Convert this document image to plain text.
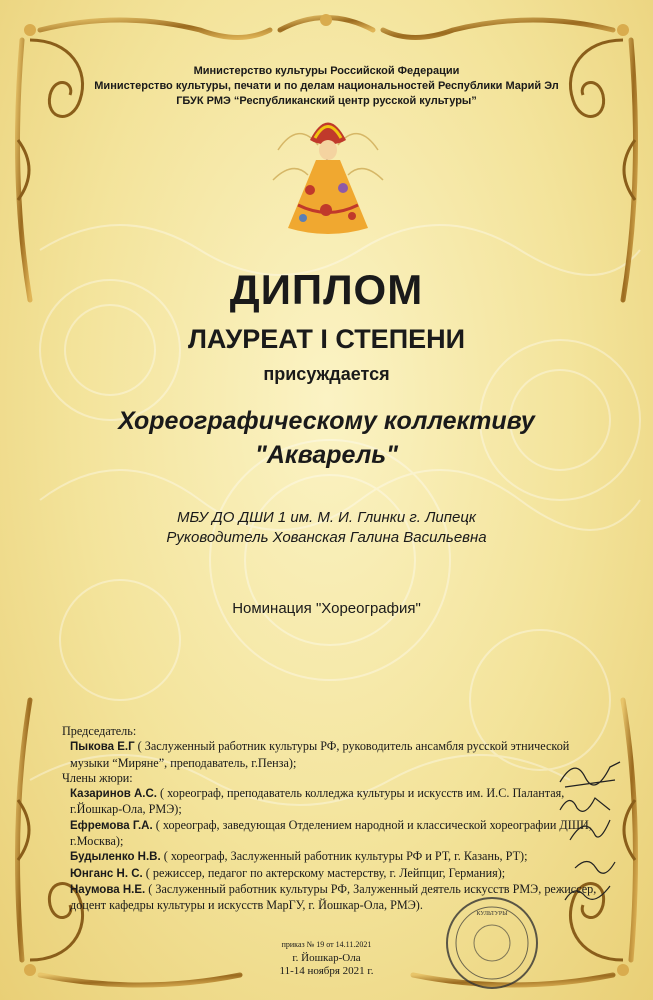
Министерство культуры Российской Федерации
Министерство культуры, печати и по делам национальностей Республики Марий Эл
ГБУК РМЭ “Республиканский центр русской культуры”
ДИПЛОМ
ЛАУРЕАТ I СТЕПЕНИ
присуждается
Хореографическому коллективу
"Акварель"
МБУ ДО ДШИ 1 им. М. И. Глинки г. Липецк
Руководитель Хованская Галина Васильевна
Номинация "Хореография"
Председатель:
Пыкова Е.Г ( Заслуженный работник культуры РФ, руководитель ансамбля русской этнической музыки “Миряне”, преподаватель, г.Пенза);
Члены жюри:
Казаринов А.С. ( хореограф, преподаватель колледжа культуры и искусств им. И.С. Палантая, г.Йошкар-Ола, РМЭ);
Ефремова Г.А. ( хореограф, заведующая Отделением народной и классической хореографии ДШИ, г.Москва);
Будыленко Н.В. ( хореограф, Заслуженный работник культуры РФ и РТ, г. Казань, РТ);
Юнганс Н. С. ( режиссер, педагог по актерскому мастерству, г. Лейпциг, Германия);
Наумова Н.Е. ( Заслуженный работник культуры РФ, Залуженный деятель искусств РМЭ, режиссер, доцент кафедры культуры и искусств МарГУ, г. Йошкар-Ола, РМЭ).
КУЛЬТУРЫ
приказ № 19 от 14.11.2021
г. Йошкар-Ола
11-14 ноября 2021 г.
